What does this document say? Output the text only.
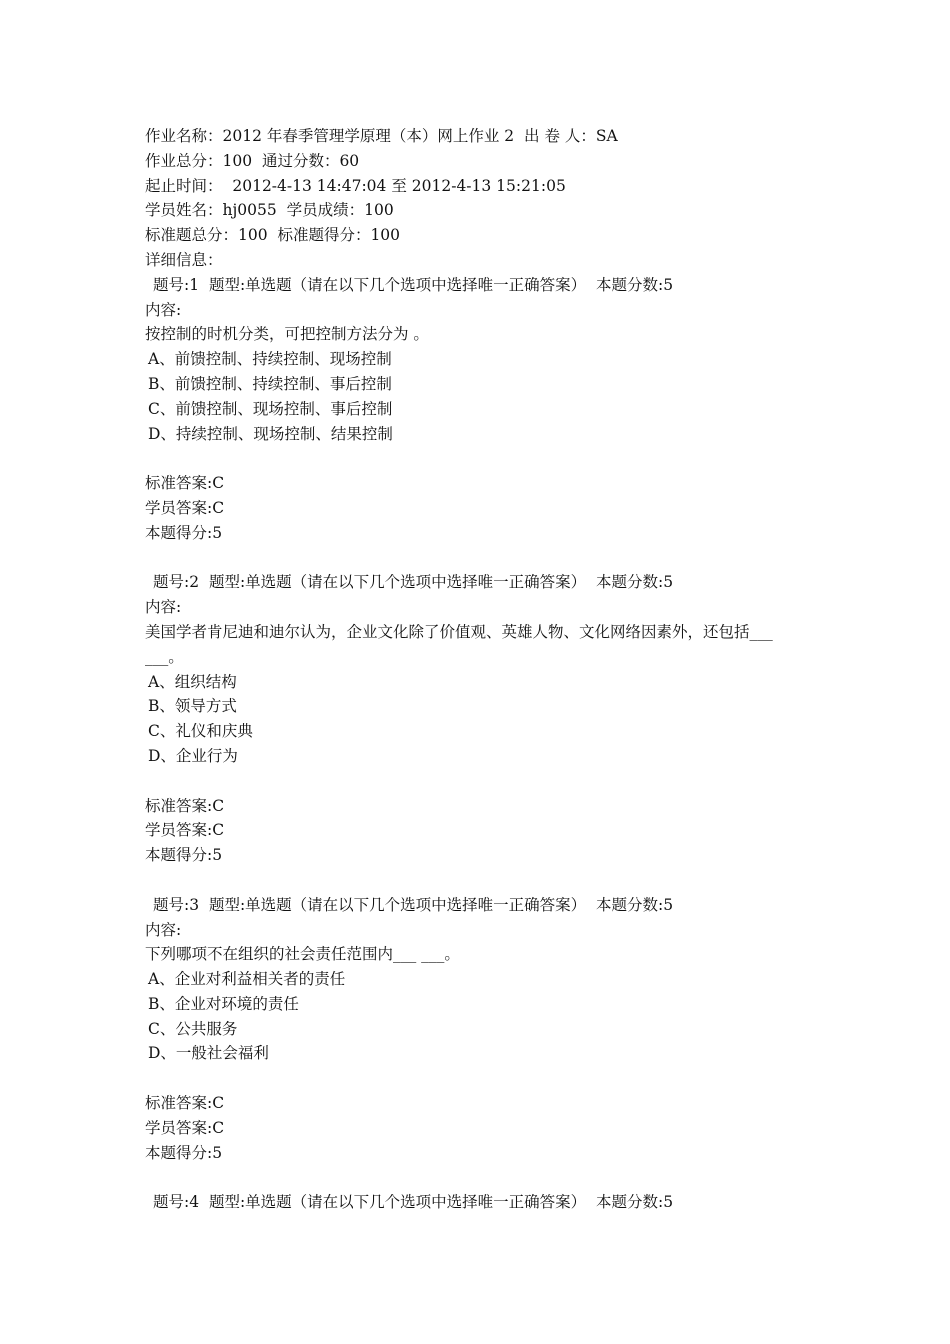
作业名称：2012 年春季管理学原理（本）网上作业 2  出 卷 人：SA
作业总分：100  通过分数：60
起止时间：  2012-4-13 14:47:04 至 2012-4-13 15:21:05
学员姓名：hj0055  学员成绩：100
标准题总分：100  标准题得分：100
详细信息：
题号:1  题型:单选题（请在以下几个选项中选择唯一正确答案）  本题分数:5
内容:
按控制的时机分类，可把控制方法分为 。
A、前馈控制、持续控制、现场控制
B、前馈控制、持续控制、事后控制
C、前馈控制、现场控制、事后控制
D、持续控制、现场控制、结果控制
标准答案:C
学员答案:C
本题得分:5
题号:2  题型:单选题（请在以下几个选项中选择唯一正确答案）  本题分数:5
内容:
美国学者肯尼迪和迪尔认为，企业文化除了价值观、英雄人物、文化网络因素外，还包括___ ___。
A、组织结构
B、领导方式
C、礼仪和庆典
D、企业行为
标准答案:C
学员答案:C
本题得分:5
题号:3  题型:单选题（请在以下几个选项中选择唯一正确答案）  本题分数:5
内容:
下列哪项不在组织的社会责任范围内___ ___。
A、企业对利益相关者的责任
B、企业对环境的责任
C、公共服务
D、一般社会福利
标准答案:C
学员答案:C
本题得分:5
题号:4  题型:单选题（请在以下几个选项中选择唯一正确答案）  本题分数:5
